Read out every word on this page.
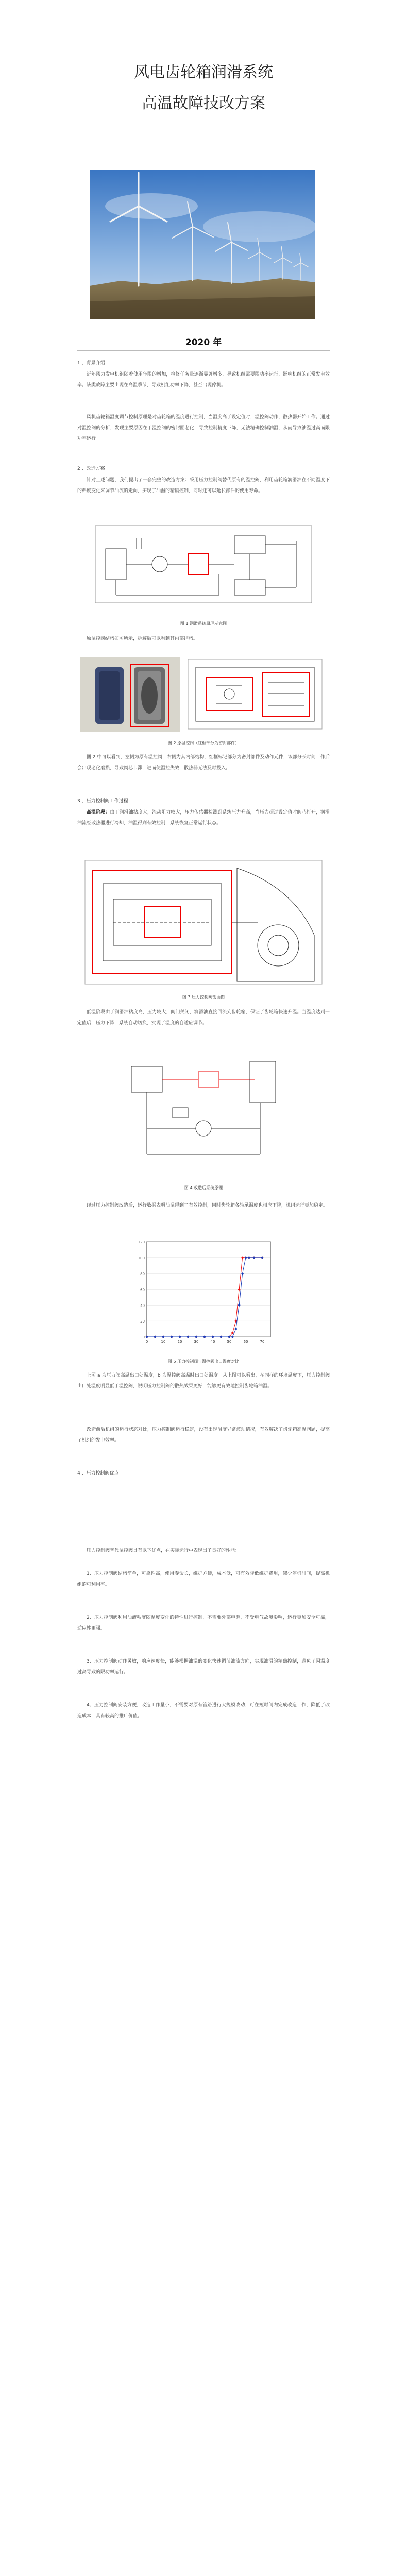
风电齿轮箱润滑系统
高温故障技改方案
2020 年
1 、背景介绍
近年风力发电机组随着使用年限的增加，检修任务量逐渐显著增多，导致机组需要限功率运行，影响机组的正常发电效率。该类故障主要出现在高温季节，导致机组功率下降，甚至出现停机。
风机齿轮箱温度调节控制原理是对齿轮箱的温度进行控制，当温度高于设定值时，温控阀动作，散热器开始工作。通过对温控阀的分析，发现主要原因在于温控阀的密封圈老化，导致控制精度下降，无法精确控制油温，从而导致油温过高而限功率运行。
2 、改造方案
针对上述问题，我们提出了一套完整的改造方案：采用压力控制阀替代原有的温控阀，利用齿轮箱润滑油在不同温度下的粘度变化来调节油流的走向，实现了油温的精确控制，同时还可以延长部件的使用寿命。
图 1 润滑系统原理示意图
原温控阀结构如图所示，拆解后可以看到其内部结构。
图 2 原温控阀（红框部分为密封部件）
图 2 中可以看到，左侧为原有温控阀，右侧为其内部结构，红框标记部分为密封部件及动作元件，该部分长时间工作后会出现老化磨损，导致阀芯卡滞，进而使温控失效，散热器无法及时投入。
3 、压力控制阀工作过程
高温阶段：由于润滑油粘度大，流动阻力较大，压力传感器检测到系统压力升高，当压力超过设定值时阀芯打开，润滑油流经散热器进行冷却，油温得到有效控制，系统恢复正常运行状态。
图 3 压力控制阀剖面图
低温阶段由于润滑油粘度高，压力较大，阀门关闭，润滑油直接回流到齿轮箱，保证了齿轮箱快速升温。当温度达到一定值后，压力下降，系统自动切换，实现了温度的自适应调节。
图 4 改造后系统原理
经过压力控制阀改造后，运行数据表明油温得到了有效控制，同时齿轮箱各轴承温度也相应下降，机组运行更加稳定。
0
20
40
60
80
100
120
0	10	20	30	40	50	60	70
图 5 压力控制阀与温控阀出口温度对比
上图 a 为压力阀高温出口处温度，b 为温控阀高温时出口处温度。从上图可以看出，在同样的环境温度下，压力控制阀出口处温度明显低于温控阀，说明压力控制阀的散热效果更好，能够更有效地控制齿轮箱油温。
改造前后机组的运行状态对比，压力控制阀运行稳定，没有出现温度异常波动情况，有效解决了齿轮箱高温问题，提高了机组的发电效率。
4 、压力控制阀优点
压力控制阀替代温控阀具有以下优点，在实际运行中表现出了良好的性能：
1、压力控制阀结构简单，可靠性高，使用寿命长，维护方便，成本低，可有效降低维护费用，减少停机时间，提高机组的可利用率。
2、压力控制阀利用油液粘度随温度变化的特性进行控制，不需要外部电源，不受电气故障影响，运行更加安全可靠，适应性更强。
3、压力控制阀动作灵敏，响应速度快，能够根据油温的变化快速调节油流方向，实现油温的精确控制，避免了因温度过高导致的限功率运行。
4、压力控制阀安装方便，改造工作量小，不需要对原有管路进行大规模改动，可在短时间内完成改造工作，降低了改造成本，具有较高的推广价值。
